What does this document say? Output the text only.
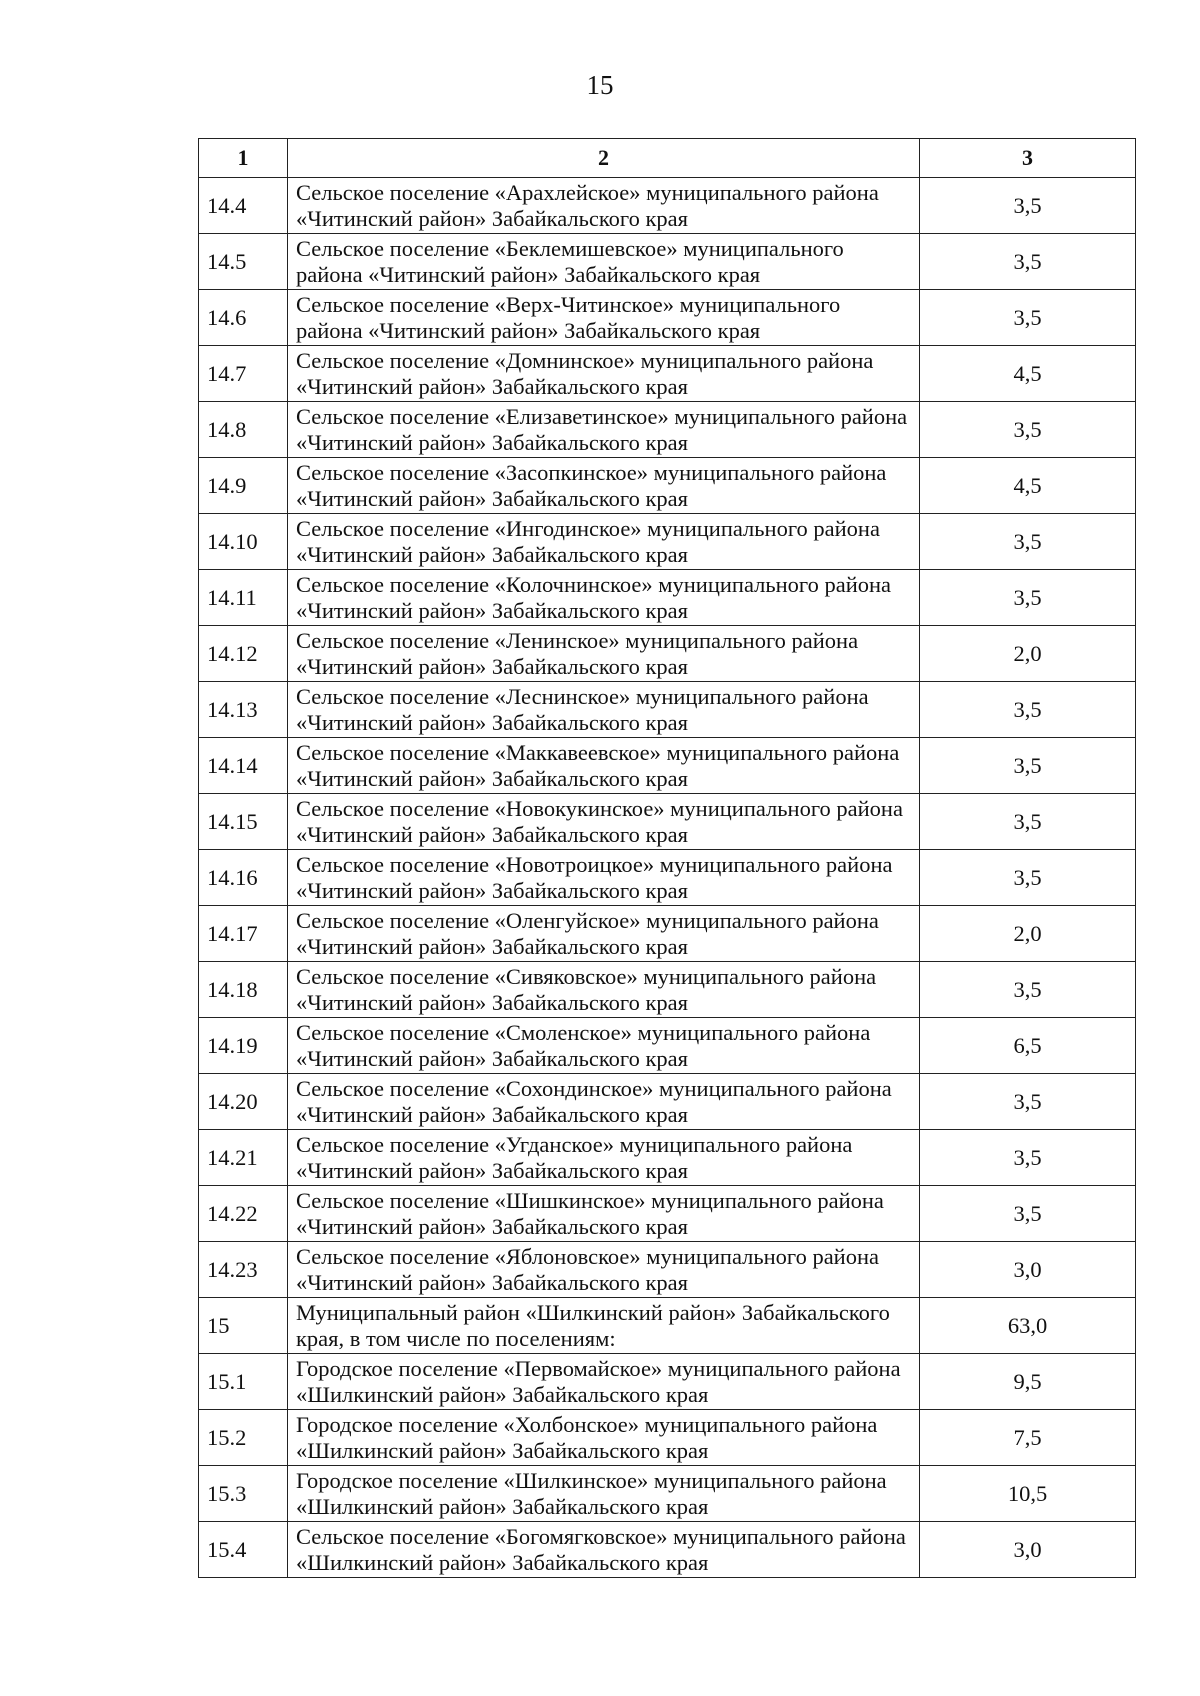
15
1	2	3
14.4	Сельское поселение «Арахлейское» муниципального района «Читинский район» Забайкальского края	3,5
14.5	Сельское поселение «Беклемишевское» муниципального района «Читинский район» Забайкальского края	3,5
14.6	Сельское поселение «Верх-Читинское» муниципального района «Читинский район» Забайкальского края	3,5
14.7	Сельское поселение «Домнинское» муниципального района «Читинский район» Забайкальского края	4,5
14.8	Сельское поселение «Елизаветинское» муниципального района «Читинский район» Забайкальского края	3,5
14.9	Сельское поселение «Засопкинское» муниципального района «Читинский район» Забайкальского края	4,5
14.10	Сельское поселение «Ингодинское» муниципального района «Читинский район» Забайкальского края	3,5
14.11	Сельское поселение «Колочнинское» муниципального района «Читинский район» Забайкальского края	3,5
14.12	Сельское поселение «Ленинское» муниципального района «Читинский район» Забайкальского края	2,0
14.13	Сельское поселение «Леснинское» муниципального района «Читинский район» Забайкальского края	3,5
14.14	Сельское поселение «Маккавеевское» муниципального района «Читинский район» Забайкальского края	3,5
14.15	Сельское поселение «Новокукинское» муниципального района «Читинский район» Забайкальского края	3,5
14.16	Сельское поселение «Новотроицкое» муниципального района «Читинский район» Забайкальского края	3,5
14.17	Сельское поселение «Оленгуйское» муниципального района «Читинский район» Забайкальского края	2,0
14.18	Сельское поселение «Сивяковское» муниципального района «Читинский район» Забайкальского края	3,5
14.19	Сельское поселение «Смоленское» муниципального района «Читинский район» Забайкальского края	6,5
14.20	Сельское поселение «Сохондинское» муниципального района «Читинский район» Забайкальского края	3,5
14.21	Сельское поселение «Угданское» муниципального района «Читинский район» Забайкальского края	3,5
14.22	Сельское поселение «Шишкинское» муниципального района «Читинский район» Забайкальского края	3,5
14.23	Сельское поселение «Яблоновское» муниципального района «Читинский район» Забайкальского края	3,0
15	Муниципальный район «Шилкинский район» Забайкальского края, в том числе по поселениям:	63,0
15.1	Городское поселение «Первомайское» муниципального района «Шилкинский район» Забайкальского края	9,5
15.2	Городское поселение «Холбонское» муниципального района «Шилкинский район» Забайкальского края	7,5
15.3	Городское поселение «Шилкинское» муниципального района «Шилкинский район» Забайкальского края	10,5
15.4	Сельское поселение «Богомягковское» муниципального района «Шилкинский район» Забайкальского края	3,0
